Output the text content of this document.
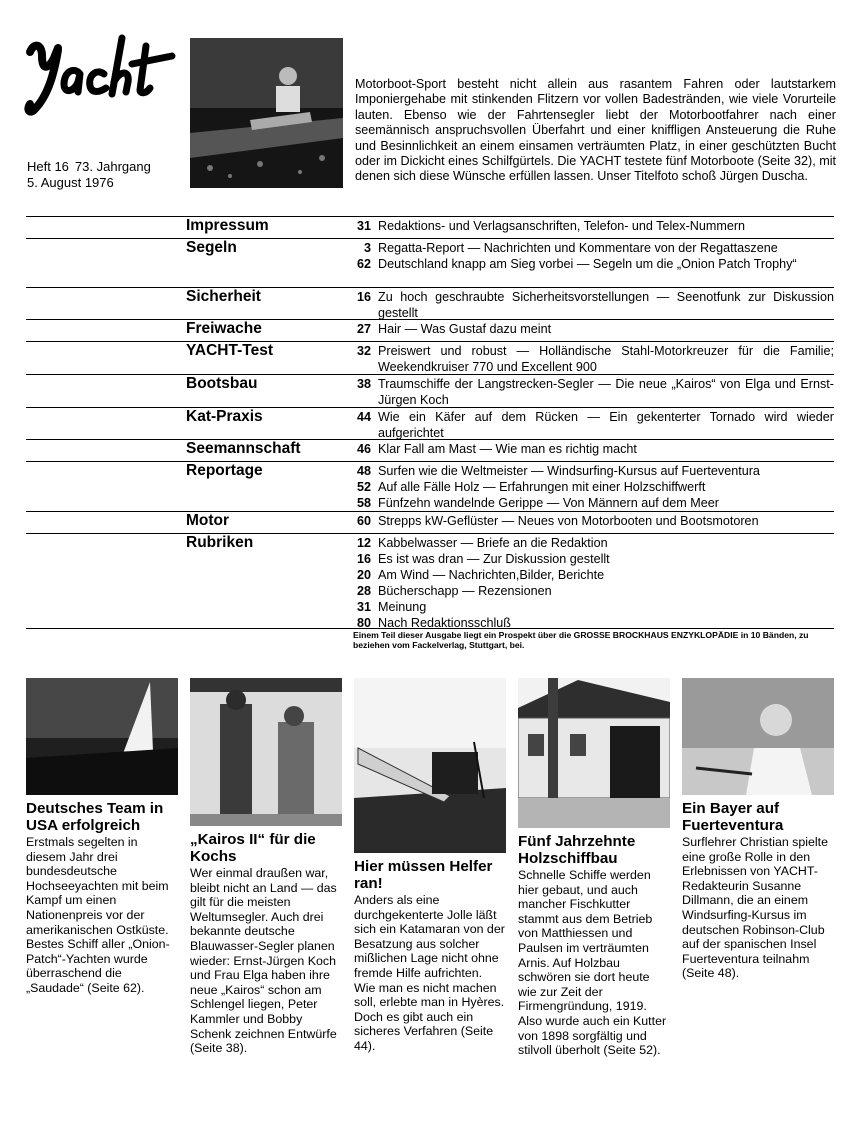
Heft 16 73. Jahrgang
5. August 1976
Motorboot-Sport besteht nicht allein aus rasantem Fahren oder lautstarkem Imponiergehabe mit stinkenden Flitzern vor vollen Badestränden, wie viele Vorurteile lauten. Ebenso wie der Fahrtensegler liebt der Motorbootfahrer nach einer seemännisch anspruchsvollen Überfahrt und einer kniffligen Ansteuerung die Ruhe und Besinnlichkeit an einem einsamen verträumten Platz, in einer geschützten Bucht oder im Dickicht eines Schilfgürtels. Die YACHT testete fünf Motorboote (Seite 32), mit denen sich diese Wünsche erfüllen lassen. Unser Titelfoto schoß Jürgen Duscha.
Impressum	31 Redaktions- und Verlagsanschriften, Telefon- und Telex-Nummern
Segeln	3 Regatta-Report — Nachrichten und Kommentare von der Regattaszene
62 Deutschland knapp am Sieg vorbei — Segeln um die „Onion Patch Trophy“
Sicherheit	16 Zu hoch geschraubte Sicherheitsvorstellungen — Seenotfunk zur Diskussion gestellt
Freiwache	27 Hair — Was Gustaf dazu meint
YACHT-Test	32 Preiswert und robust — Holländische Stahl-Motorkreuzer für die Familie; Weekendkruiser 770 und Excellent 900
Bootsbau	38 Traumschiffe der Langstrecken-Segler — Die neue „Kairos“ von Elga und Ernst-Jürgen Koch
Kat-Praxis	44 Wie ein Käfer auf dem Rücken — Ein gekenterter Tornado wird wieder aufgerichtet
Seemannschaft	46 Klar Fall am Mast — Wie man es richtig macht
Reportage	48 Surfen wie die Weltmeister — Windsurfing-Kursus auf Fuerteventura
52 Auf alle Fälle Holz — Erfahrungen mit einer Holzschiffwerft
58 Fünfzehn wandelnde Gerippe — Von Männern auf dem Meer
Motor	60 Strepps kW-Geflüster — Neues von Motorbooten und Bootsmotoren
Rubriken	12 Kabbelwasser — Briefe an die Redaktion
16 Es ist was dran — Zur Diskussion gestellt
20 Am Wind — Nachrichten,Bilder, Berichte
28 Bücherschapp — Rezensionen
31 Meinung
80 Nach Redaktionsschluß
Einem Teil dieser Ausgabe liegt ein Prospekt über die GROSSE BROCKHAUS ENZYKLOPÄDIE in 10 Bänden, zu beziehen vom Fackelverlag, Stuttgart, bei.
Deutsches Team in USA erfolgreich

Erstmals segelten in diesem Jahr drei bundesdeutsche Hochseeyachten mit beim Kampf um einen Nationenpreis vor der amerikanischen Ostküste. Bestes Schiff aller „Onion-Patch“-Yachten wurde überraschend die „Saudade“ (Seite 62).

„Kairos II“ für die Kochs

Wer einmal draußen war, bleibt nicht an Land — das gilt für die meisten Weltumsegler. Auch drei bekannte deutsche Blauwasser-Segler planen wieder: Ernst-Jürgen Koch und Frau Elga haben ihre neue „Kairos“ schon am Schlengel liegen, Peter Kammler und Bobby Schenk zeichnen Entwürfe (Seite 38).

Hier müssen Helfer ran!

Anders als eine durchgekenterte Jolle läßt sich ein Katamaran von der Besatzung aus solcher mißlichen Lage nicht ohne fremde Hilfe aufrichten. Wie man es nicht machen soll, erlebte man in Hyères. Doch es gibt auch ein sicheres Verfahren (Seite 44).

Fünf Jahrzehnte Holzschiffbau

Schnelle Schiffe werden hier gebaut, und auch mancher Fischkutter stammt aus dem Betrieb von Matthiessen und Paulsen im verträumten Arnis. Auf Holzbau schwören sie dort heute wie zur Zeit der Firmengründung, 1919. Also wurde auch ein Kutter von 1898 sorgfältig und stilvoll überholt (Seite 52).

Ein Bayer auf Fuerteventura

Surflehrer Christian spielte eine große Rolle in den Erlebnissen von YACHT-Redakteurin Susanne Dillmann, die an einem Windsurfing-Kursus im deutschen Robinson-Club auf der spanischen Insel Fuerteventura teilnahm (Seite 48).
